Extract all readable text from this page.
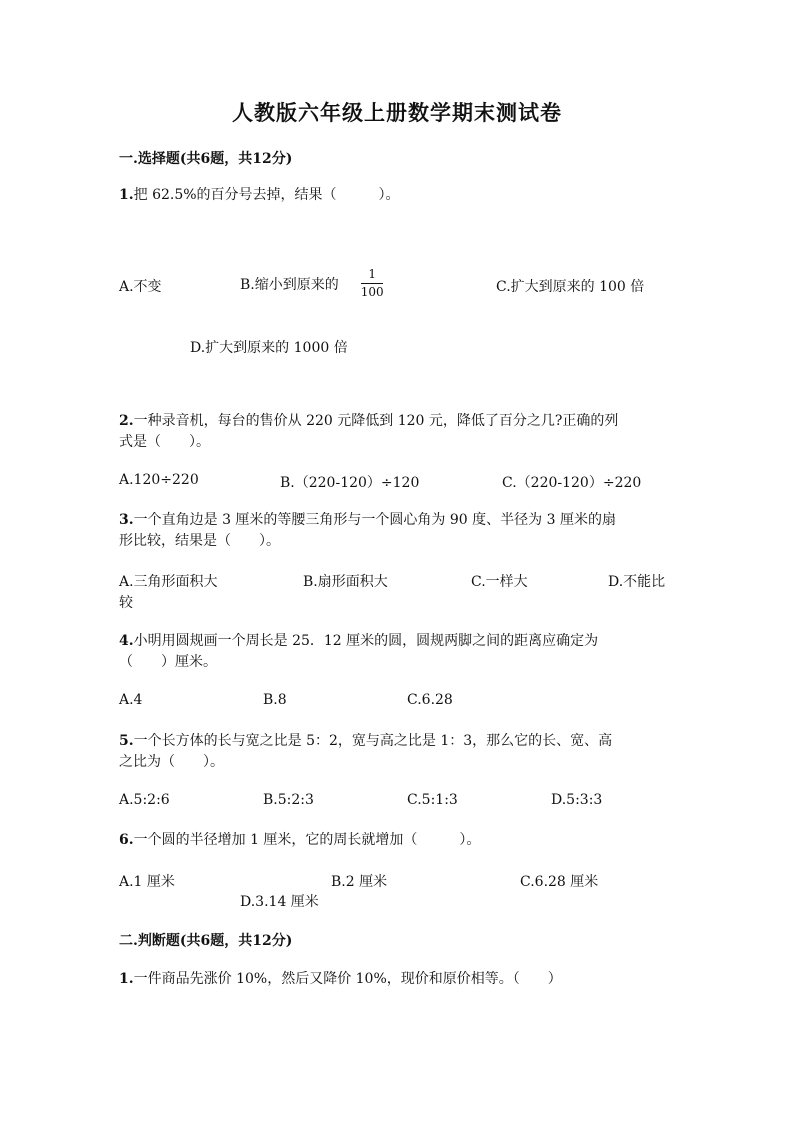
人教版六年级上册数学期末测试卷
一.选择题(共6题，共12分)
1.把 62.5%的百分号去掉，结果（　　　）。
A.不变	B.缩小到原来的 $\frac{1}{100}$	C.扩大到原来的 100 倍
D.扩大到原来的 1000 倍
2.一种录音机，每台的售价从 220 元降低到 120 元，降低了百分之几?正确的列
式是（　　）。
A.120÷220	B.（220-120）÷120	C.（220-120）÷220
3.一个直角边是 3 厘米的等腰三角形与一个圆心角为 90 度、半径为 3 厘米的扇
形比较，结果是（　　）。
A.三角形面积大	B.扇形面积大	C.一样大	D.不能比
较
4.小明用圆规画一个周长是 25．12 厘米的圆，圆规两脚之间的距离应确定为
（　　）厘米。
A.4	B.8	C.6.28
5.一个长方体的长与宽之比是 5：2，宽与高之比是 1：3，那么它的长、宽、高
之比为（　　）。
A.5:2:6	B.5:2:3	C.5:1:3	D.5:3:3
6.一个圆的半径增加 1 厘米，它的周长就增加（　　　）。
A.1 厘米	B.2 厘米	C.6.28 厘米
D.3.14 厘米
二.判断题(共6题，共12分)
1.一件商品先涨价 10%，然后又降价 10%，现价和原价相等。（　　）
